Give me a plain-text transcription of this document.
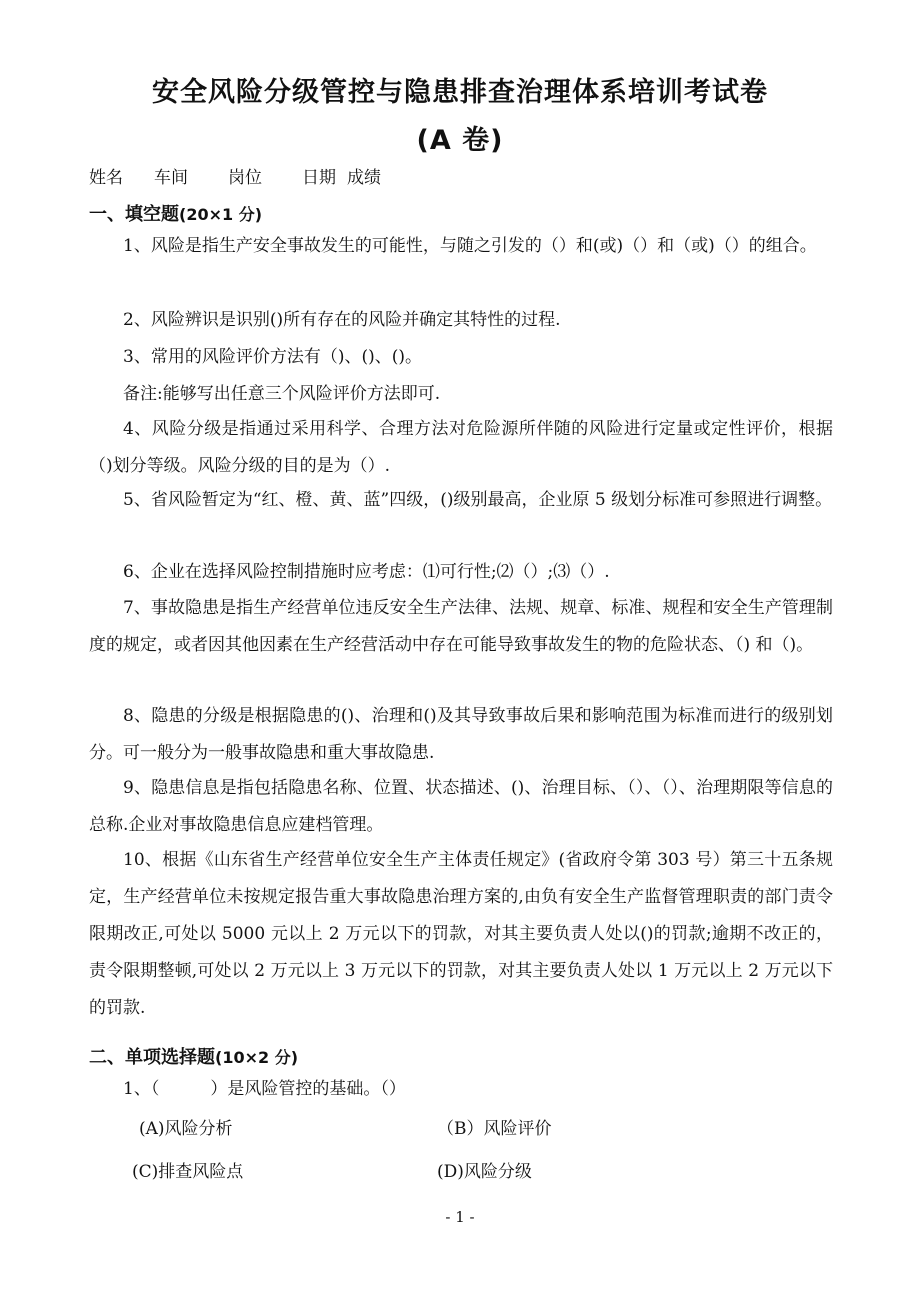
安全风险分级管控与隐患排查治理体系培训考试卷
(A 卷)
姓名 车间 岗位 日期 成绩
一、填空题(20×1 分)
1、风险是指生产安全事故发生的可能性，与随之引发的（）和(或)（）和（或)（）的组合。
2、风险辨识是识别()所有存在的风险并确定其特性的过程.
3、常用的风险评价方法有（)、()、()。
备注:能够写出任意三个风险评价方法即可.
4、风险分级是指通过采用科学、合理方法对危险源所伴随的风险进行定量或定性评价，根据（)划分等级。风险分级的目的是为（）.
5、省风险暂定为“红、橙、黄、蓝”四级，()级别最高，企业原 5 级划分标准可参照进行调整。
6、企业在选择风险控制措施时应考虑：⑴可行性;⑵（）;⑶（）.
7、事故隐患是指生产经营单位违反安全生产法律、法规、规章、标准、规程和安全生产管理制度的规定，或者因其他因素在生产经营活动中存在可能导致事故发生的物的危险状态、（) 和（)。
8、隐患的分级是根据隐患的()、治理和()及其导致事故后果和影响范围为标准而进行的级别划分。可一般分为一般事故隐患和重大事故隐患.
9、隐患信息是指包括隐患名称、位置、状态描述、()、治理目标、（）、（）、治理期限等信息的总称.企业对事故隐患信息应建档管理。
10、根据《山东省生产经营单位安全生产主体责任规定》(省政府令第 303 号）第三十五条规定，生产经营单位未按规定报告重大事故隐患治理方案的,由负有安全生产监督管理职责的部门责令限期改正,可处以 5000 元以上 2 万元以下的罚款，对其主要负责人处以()的罚款;逾期不改正的，责令限期整顿,可处以 2 万元以上 3 万元以下的罚款，对其主要负责人处以 1 万元以上 2 万元以下的罚款.
二、单项选择题(10×2 分)
1、（　　　）是风险管控的基础。（）
(A)风险分析	（B）风险评价
(C)排查风险点	(D)风险分级
- 1 -
